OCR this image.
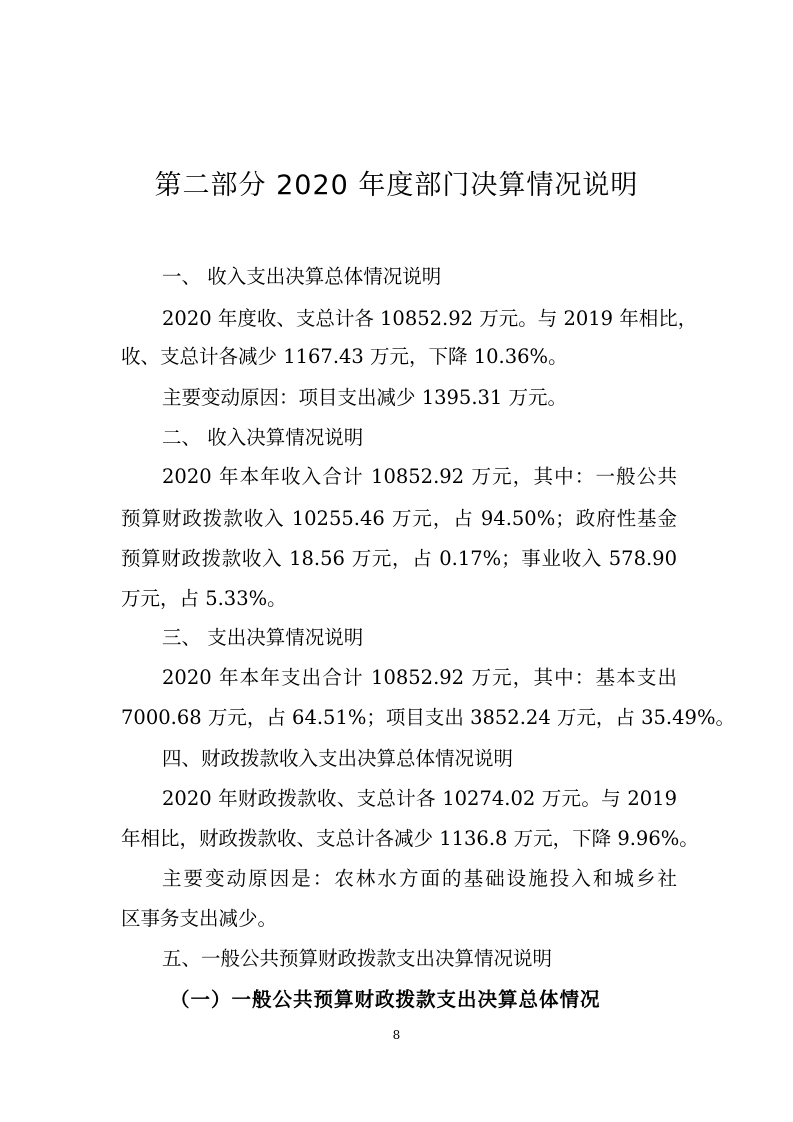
第二部分 2020 年度部门决算情况说明
一、 收入支出决算总体情况说明
2020 年度收、支总计各 10852.92 万元。与 2019 年相比，
收、支总计各减少 1167.43 万元，下降 10.36%。
主要变动原因：项目支出减少 1395.31 万元。
二、 收入决算情况说明
2020 年本年收入合计 10852.92 万元，其中：一般公共
预算财政拨款收入 10255.46 万元，占 94.50%；政府性基金
预算财政拨款收入 18.56 万元，占 0.17%；事业收入 578.90
万元，占 5.33%。
三、 支出决算情况说明
2020 年本年支出合计 10852.92 万元，其中：基本支出
7000.68 万元，占 64.51%；项目支出 3852.24 万元，占 35.49%。
四、财政拨款收入支出决算总体情况说明
2020 年财政拨款收、支总计各 10274.02 万元。与 2019
年相比，财政拨款收、支总计各减少 1136.8 万元，下降 9.96%。
主要变动原因是：农林水方面的基础设施投入和城乡社
区事务支出减少。
五、一般公共预算财政拨款支出决算情况说明
（一）一般公共预算财政拨款支出决算总体情况
8
